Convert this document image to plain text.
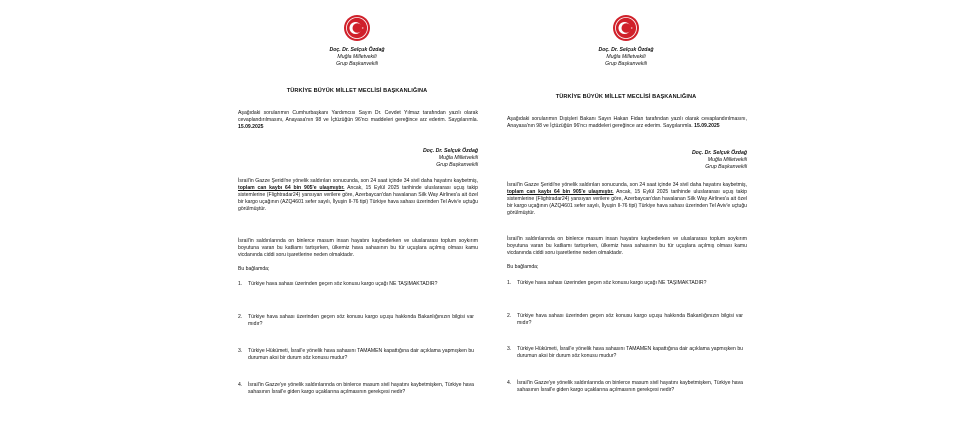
Doç. Dr. Selçuk Özdağ
Muğla Milletvekili
Grup Başkanvekili
TÜRKİYE BÜYÜK MİLLET MECLİSİ BAŞKANLIĞINA
Aşağıdaki sorularımın Cumhurbaşkanı Yardımcısı Sayın Dr. Cevdet Yılmaz tarafından yazılı olarak cevaplandırılmasını, Anayasa'nın 98 ve İçtüzüğün 96'ncı maddeleri gereğince arz ederim. Saygılarımla. 15.09.2025
Doç. Dr. Selçuk Özdağ
Muğla Milletvekili
Grup Başkanvekili
İsrail'in Gazze Şeridi'ne yönelik saldırıları sonucunda, son 24 saat içinde 34 sivil daha hayatını kaybetmiş, toplam can kaybı 64 bin 905'e ulaşmıştır. Ancak, 15 Eylül 2025 tarihinde uluslararası uçuş takip sistemlerine (Flightradar24) yansıyan verilere göre, Azerbaycan'dan havalanan Silk Way Airlines'a ait özel bir kargo uçağının (AZQ4601 sefer sayılı, İlyuşin Il-76 tipi) Türkiye hava sahası üzerinden Tel Aviv'e uçtuğu görülmüştür.
İsrail'in saldırılarında on binlerce masum insan hayatını kaybederken ve uluslararası toplum soykırım boyutuna varan bu katliamı tartışırken, ülkemiz hava sahasının bu tür uçuşlara açılmış olması kamu vicdanında ciddi soru işaretlerine neden olmaktadır.
Bu bağlamda;
1. Türkiye hava sahası üzerinden geçen söz konusu kargo uçağı NE TAŞIMAKTADIR?
2. Türkiye hava sahası üzerinden geçen söz konusu kargo uçuşu hakkında Bakanlığınızın bilgisi var mıdır?
3. Türkiye Hükümeti, İsrail'e yönelik hava sahasını TAMAMEN kapattığına dair açıklama yapmışken bu durumun aksi bir durum söz konusu mudur?
4. İsrail'in Gazze'ye yönelik saldırılarında on binlerce masum sivil hayatını kaybetmişken, Türkiye hava sahasının İsrail'e giden kargo uçaklarına açılmasının gerekçesi nedir?
Doç. Dr. Selçuk Özdağ
Muğla Milletvekili
Grup Başkanvekili
TÜRKİYE BÜYÜK MİLLET MECLİSİ BAŞKANLIĞINA
Aşağıdaki sorularımın Dışişleri Bakanı Sayın Hakan Fidan tarafından yazılı olarak cevaplandırılmasını, Anayasa'nın 98 ve İçtüzüğün 96'ncı maddeleri gereğince arz ederim. Saygılarımla. 15.09.2025
Doç. Dr. Selçuk Özdağ
Muğla Milletvekili
Grup Başkanvekili
İsrail'in Gazze Şeridi'ne yönelik saldırıları sonucunda, son 24 saat içinde 34 sivil daha hayatını kaybetmiş, toplam can kaybı 64 bin 905'e ulaşmıştır. Ancak, 15 Eylül 2025 tarihinde uluslararası uçuş takip sistemlerine (Flightradar24) yansıyan verilere göre, Azerbaycan'dan havalanan Silk Way Airlines'a ait özel bir kargo uçağının (AZQ4601 sefer sayılı, İlyuşin Il-76 tipi) Türkiye hava sahası üzerinden Tel Aviv'e uçtuğu görülmüştür.
İsrail'in saldırılarında on binlerce masum insan hayatını kaybederken ve uluslararası toplum soykırım boyutuna varan bu katliamı tartışırken, ülkemiz hava sahasının bu tür uçuşlara açılmış olması kamu vicdanında ciddi soru işaretlerine neden olmaktadır.
Bu bağlamda;
1. Türkiye hava sahası üzerinden geçen söz konusu kargo uçağı NE TAŞIMAKTADIR?
2. Türkiye hava sahası üzerinden geçen söz konusu kargo uçuşu hakkında Bakanlığınızın bilgisi var mıdır?
3. Türkiye Hükümeti, İsrail'e yönelik hava sahasını TAMAMEN kapattığına dair açıklama yapmışken bu durumun aksi bir durum söz konusu mudur?
4. İsrail'in Gazze'ye yönelik saldırılarında on binlerce masum sivil hayatını kaybetmişken, Türkiye hava sahasının İsrail'e giden kargo uçaklarına açılmasının gerekçesi nedir?
